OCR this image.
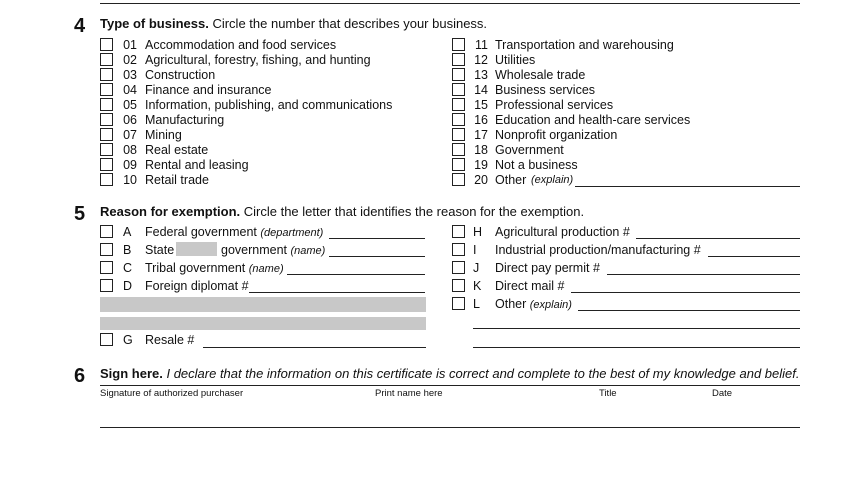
4 Type of business. Circle the number that describes your business.
01 Accommodation and food services
02 Agricultural, forestry, fishing, and hunting
03 Construction
04 Finance and insurance
05 Information, publishing, and communications
06 Manufacturing
07 Mining
08 Real estate
09 Rental and leasing
10 Retail trade
11 Transportation and warehousing
12 Utilities
13 Wholesale trade
14 Business services
15 Professional services
16 Education and health-care services
17 Nonprofit organization
18 Government
19 Not a business
20 Other (explain)
5 Reason for exemption. Circle the letter that identifies the reason for the exemption.
A Federal government (department)
B State	government (name)
C Tribal government (name)
D Foreign diplomat #
G Resale #
H Agricultural production #
I Industrial production/manufacturing #
J Direct pay permit #
K Direct mail #
L Other (explain)
6 Sign here. I declare that the information on this certificate is correct and complete to the best of my knowledge and belief.
Signature of authorized purchaser	Print name here	Title	Date
